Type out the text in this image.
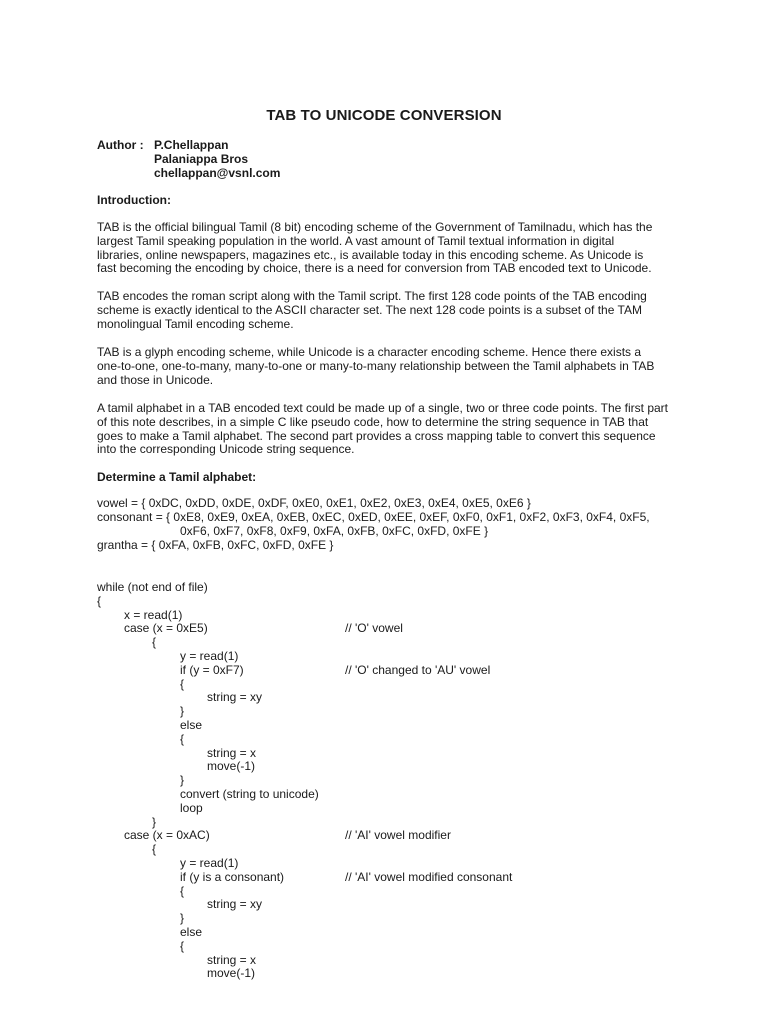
TAB TO UNICODE CONVERSION
Author : P.Chellappan
Palaniappa Bros
chellappan@vsnl.com
Introduction:
TAB is the official bilingual Tamil (8 bit) encoding scheme of the Government of Tamilnadu, which has the
largest Tamil speaking population in the world. A vast amount of Tamil textual information in digital
libraries, online newspapers, magazines etc., is available today in this encoding scheme. As Unicode is
fast becoming the encoding by choice, there is a need for conversion from TAB encoded text to Unicode.
TAB encodes the roman script along with the Tamil script. The first 128 code points of the TAB encoding
scheme is exactly identical to the ASCII character set. The next 128 code points is a subset of the TAM
monolingual Tamil encoding scheme.
TAB is a glyph encoding scheme, while Unicode is a character encoding scheme. Hence there exists a
one-to-one, one-to-many, many-to-one or many-to-many relationship between the Tamil alphabets in TAB
and those in Unicode.
A tamil alphabet in a TAB encoded text could be made up of a single, two or three code points. The first part
of this note describes, in a simple C like pseudo code, how to determine the string sequence in TAB that
goes to make a Tamil alphabet. The second part provides a cross mapping table to convert this sequence
into the corresponding Unicode string sequence.
Determine a Tamil alphabet:
vowel = { 0xDC, 0xDD, 0xDE, 0xDF, 0xE0, 0xE1, 0xE2, 0xE3, 0xE4, 0xE5, 0xE6 }
consonant = { 0xE8, 0xE9, 0xEA, 0xEB, 0xEC, 0xED, 0xEE, 0xEF, 0xF0, 0xF1, 0xF2, 0xF3, 0xF4, 0xF5,
0xF6, 0xF7, 0xF8, 0xF9, 0xFA, 0xFB, 0xFC, 0xFD, 0xFE }
grantha = { 0xFA, 0xFB, 0xFC, 0xFD, 0xFE }
while (not end of file)
{
x = read(1)
case (x = 0xE5)	// 'O' vowel
{
y = read(1)
if (y = 0xF7)	// 'O' changed to 'AU' vowel
{
string = xy
}
else
{
string = x
move(-1)
}
convert (string to unicode)
loop
}
case (x = 0xAC)	// 'AI' vowel modifier
{
y = read(1)
if (y is a consonant)	// 'AI' vowel modified consonant
{
string = xy
}
else
{
string = x
move(-1)
